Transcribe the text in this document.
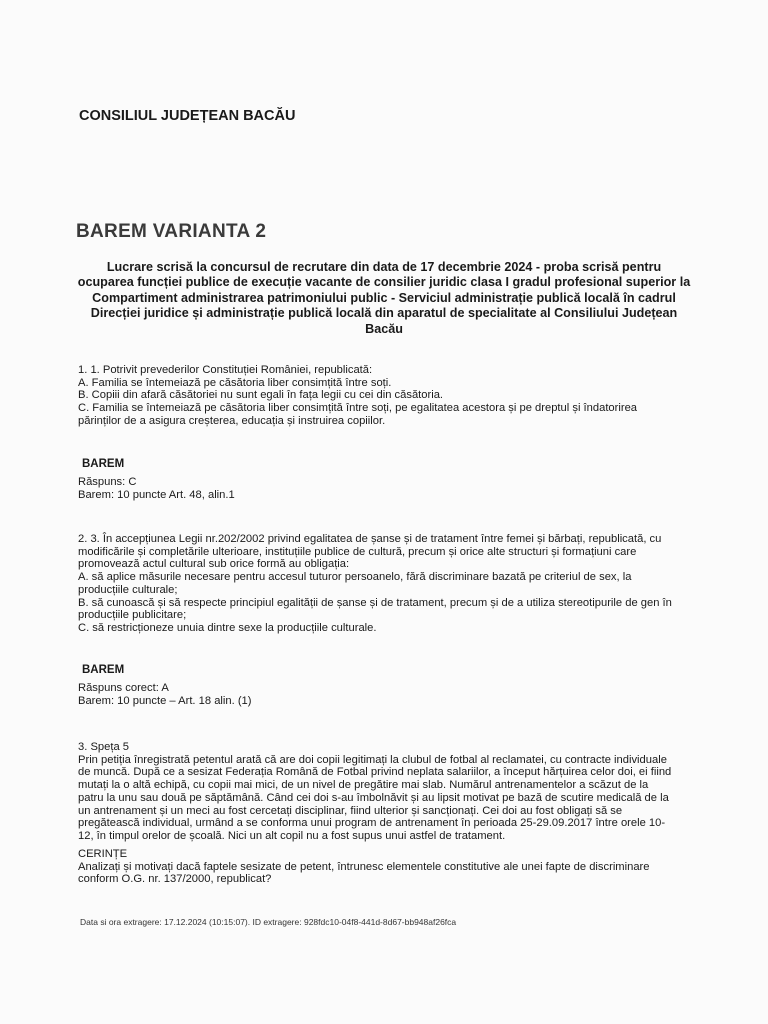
CONSILIUL JUDEȚEAN BACĂU
BAREM VARIANTA 2
Lucrare scrisă la concursul de recrutare din data de 17 decembrie 2024 - proba scrisă pentru
ocuparea funcției publice de execuție vacante de consilier juridic clasa I gradul profesional superior la
Compartiment administrarea patrimoniului public - Serviciul administrație publică locală în cadrul
Direcției juridice și administrație publică locală din aparatul de specialitate al Consiliului Județean
Bacău

1. 1. Potrivit prevederilor Constituției României, republicată:

A. Familia se întemeiază pe căsătoria liber consimțită între soți.

B. Copiii din afară căsătoriei nu sunt egali în fața legii cu cei din căsătoria.

C. Familia se întemeiază pe căsătoria liber consimțită între soți, pe egalitatea acestora și pe dreptul și îndatorirea

părinților de a asigura creșterea, educația și instruirea copiilor.

BAREM

Răspuns: C

Barem: 10 puncte Art. 48, alin.1

2. 3. În accepțiunea Legii nr.202/2002 privind egalitatea de șanse și de tratament între femei și bărbați, republicată, cu

modificările și completările ulterioare, instituțiile publice de cultură, precum și orice alte structuri și formațiuni care

promovează actul cultural sub orice formă au obligația:

A. să aplice măsurile necesare pentru accesul tuturor persoanelo, fără discriminare bazată pe criteriul de sex, la

producțiile culturale;

B. să cunoască și să respecte principiul egalității de șanse și de tratament, precum și de a utiliza stereotipurile de gen în

producțiile publicitare;

C. să restricționeze unuia dintre sexe la producțiile culturale.

BAREM

Răspuns corect: A

Barem: 10 puncte – Art. 18 alin. (1)

3. Speța 5

Prin petiția înregistrată petentul arată că are doi copii legitimați la clubul de fotbal al reclamatei, cu contracte individuale

de muncă. După ce a sesizat Federația Română de Fotbal privind neplata salariilor, a început hărțuirea celor doi, ei fiind

mutați la o altă echipă, cu copii mai mici, de un nivel de pregătire mai slab. Numărul antrenamentelor a scăzut de la

patru la unu sau două pe săptămână. Când cei doi s-au îmbolnăvit și au lipsit motivat pe bază de scutire medicală de la

un antrenament și un meci au fost cercetați disciplinar, fiind ulterior și sancționați. Cei doi au fost obligați să se

pregătească individual, urmând a se conforma unui program de antrenament în perioada 25-29.09.2017 între orele 10-

12, în timpul orelor de școală. Nici un alt copil nu a fost supus unui astfel de tratament.

CERINȚE

Analizați și motivați dacă faptele sesizate de petent, întrunesc elementele constitutive ale unei fapte de discriminare

conform O.G. nr. 137/2000, republicat?

Data si ora extragere: 17.12.2024 (10:15:07). ID extragere: 928fdc10-04f8-441d-8d67-bb948af26fca
